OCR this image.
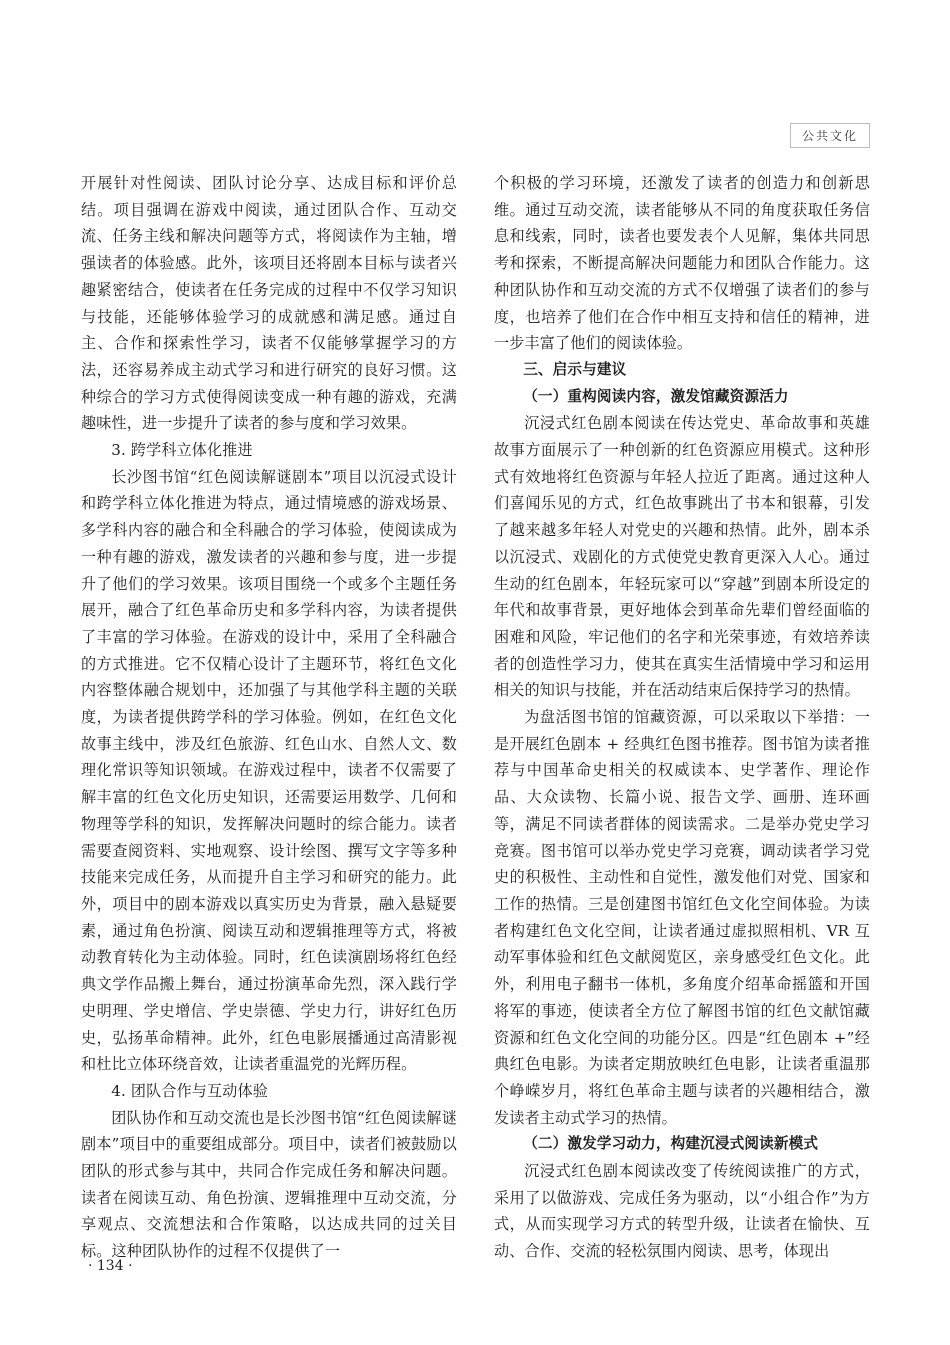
公共文化

开展针对性阅读、团队讨论分享、达成目标和评价总结。项目强调在游戏中阅读，通过团队合作、互动交流、任务主线和解决问题等方式，将阅读作为主轴，增强读者的体验感。此外，该项目还将剧本目标与读者兴趣紧密结合，使读者在任务完成的过程中不仅学习知识与技能，还能够体验学习的成就感和满足感。通过自主、合作和探索性学习，读者不仅能够掌握学习的方法，还容易养成主动式学习和进行研究的良好习惯。这种综合的学习方式使得阅读变成一种有趣的游戏，充满趣味性，进一步提升了读者的参与度和学习效果。

3. 跨学科立体化推进

长沙图书馆“红色阅读解谜剧本”项目以沉浸式设计和跨学科立体化推进为特点，通过情境感的游戏场景、多学科内容的融合和全科融合的学习体验，使阅读成为一种有趣的游戏，激发读者的兴趣和参与度，进一步提升了他们的学习效果。该项目围绕一个或多个主题任务展开，融合了红色革命历史和多学科内容，为读者提供了丰富的学习体验。在游戏的设计中，采用了全科融合的方式推进。它不仅精心设计了主题环节，将红色文化内容整体融合规划中，还加强了与其他学科主题的关联度，为读者提供跨学科的学习体验。例如，在红色文化故事主线中，涉及红色旅游、红色山水、自然人文、数理化常识等知识领域。在游戏过程中，读者不仅需要了解丰富的红色文化历史知识，还需要运用数学、几何和物理等学科的知识，发挥解决问题时的综合能力。读者需要查阅资料、实地观察、设计绘图、撰写文字等多种技能来完成任务，从而提升自主学习和研究的能力。此外，项目中的剧本游戏以真实历史为背景，融入悬疑要素，通过角色扮演、阅读互动和逻辑推理等方式，将被动教育转化为主动体验。同时，红色读演剧场将红色经典文学作品搬上舞台，通过扮演革命先烈，深入践行学史明理、学史增信、学史崇德、学史力行，讲好红色历史，弘扬革命精神。此外，红色电影展播通过高清影视和杜比立体环绕音效，让读者重温党的光辉历程。

4. 团队合作与互动体验

团队协作和互动交流也是长沙图书馆“红色阅读解谜剧本”项目中的重要组成部分。项目中，读者们被鼓励以团队的形式参与其中，共同合作完成任务和解决问题。读者在阅读互动、角色扮演、逻辑推理中互动交流，分享观点、交流想法和合作策略，以达成共同的过关目标。这种团队协作的过程不仅提供了一

个积极的学习环境，还激发了读者的创造力和创新思维。通过互动交流，读者能够从不同的角度获取任务信息和线索，同时，读者也要发表个人见解，集体共同思考和探索，不断提高解决问题能力和团队合作能力。这种团队协作和互动交流的方式不仅增强了读者们的参与度，也培养了他们在合作中相互支持和信任的精神，进一步丰富了他们的阅读体验。

三、启示与建议

（一）重构阅读内容，激发馆藏资源活力

沉浸式红色剧本阅读在传达党史、革命故事和英雄故事方面展示了一种创新的红色资源应用模式。这种形式有效地将红色资源与年轻人拉近了距离。通过这种人们喜闻乐见的方式，红色故事跳出了书本和银幕，引发了越来越多年轻人对党史的兴趣和热情。此外，剧本杀以沉浸式、戏剧化的方式使党史教育更深入人心。通过生动的红色剧本，年轻玩家可以“穿越”到剧本所设定的年代和故事背景，更好地体会到革命先辈们曾经面临的困难和风险，牢记他们的名字和光荣事迹，有效培养读者的创造性学习力，使其在真实生活情境中学习和运用相关的知识与技能，并在活动结束后保持学习的热情。

为盘活图书馆的馆藏资源，可以采取以下举措：一是开展红色剧本 + 经典红色图书推荐。图书馆为读者推荐与中国革命史相关的权威读本、史学著作、理论作品、大众读物、长篇小说、报告文学、画册、连环画等，满足不同读者群体的阅读需求。二是举办党史学习竞赛。图书馆可以举办党史学习竞赛，调动读者学习党史的积极性、主动性和自觉性，激发他们对党、国家和工作的热情。三是创建图书馆红色文化空间体验。为读者构建红色文化空间，让读者通过虚拟照相机、VR 互动军事体验和红色文献阅览区，亲身感受红色文化。此外，利用电子翻书一体机，多角度介绍革命摇篮和开国将军的事迹，使读者全方位了解图书馆的红色文献馆藏资源和红色文化空间的功能分区。四是“红色剧本 +”经典红色电影。为读者定期放映红色电影，让读者重温那个峥嵘岁月，将红色革命主题与读者的兴趣相结合，激发读者主动式学习的热情。

（二）激发学习动力，构建沉浸式阅读新模式

沉浸式红色剧本阅读改变了传统阅读推广的方式，采用了以做游戏、完成任务为驱动，以“小组合作”为方式，从而实现学习方式的转型升级，让读者在愉快、互动、合作、交流的轻松氛围内阅读、思考，体现出

· 134 ·
